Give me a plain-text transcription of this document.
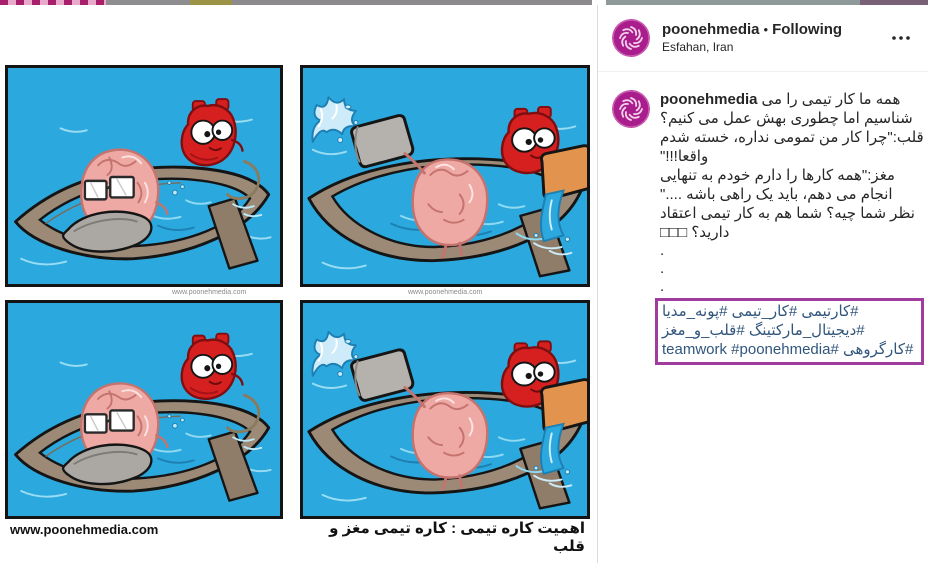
www.poonehmedia.com	www.poonehmedia.com
www.poonehmedia.com	اهمیت کاره تیمی : کاره تیمی مغز و قلب
poonehmedia • Following
Esfahan, Iran

poonehmedia همه ما کار تیمی را می شناسیم اما چطوری بهش عمل می کنیم؟

قلب:"چرا کار من تمومی نداره، خسته شدم واقعا!!!"

مغز:"همه کارها را دارم خودم به تنهایی انجام می دهم، باید یک راهی باشه ...."

نظر شما چیه؟ شما هم به کار تیمی اعتقاد دارید؟ □□□

.

.

.

#کارتیمی #کار_تیمی #پونه_مدیا #دیجیتال_مارکتینگ #قلب_و_مغز #کارگروهی #teamwork #poonehmedia
